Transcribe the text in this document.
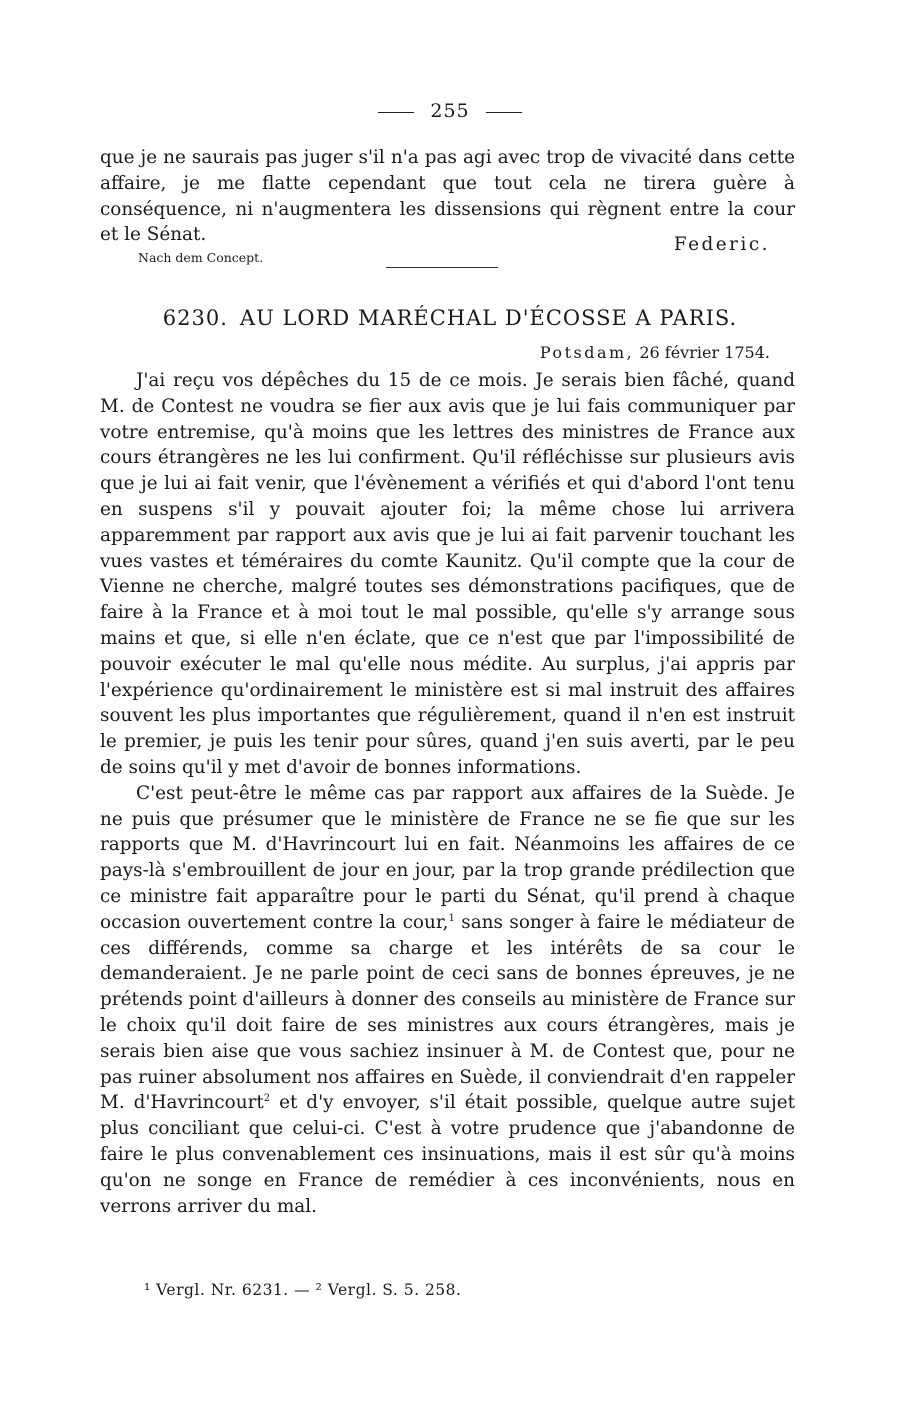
255

que je ne saurais pas juger s'il n'a pas agi avec trop de vivacité dans cette affaire, je me flatte cependant que tout cela ne tirera guère à conséquence, ni n'augmentera les dissensions qui règnent entre la cour et le Sénat.	Federic.
Nach dem Concept.
6230. AU LORD MARÉCHAL D'ÉCOSSE A PARIS.
Potsdam, 26 février 1754.

J'ai reçu vos dépêches du 15 de ce mois. Je serais bien fâché, quand M. de Contest ne voudra se fier aux avis que je lui fais communiquer par votre entremise, qu'à moins que les lettres des ministres de France aux cours étrangères ne les lui confirment. Qu'il réfléchisse sur plusieurs avis que je lui ai fait venir, que l'évènement a vérifiés et qui d'abord l'ont tenu en suspens s'il y pouvait ajouter foi; la même chose lui arrivera apparemment par rapport aux avis que je lui ai fait parvenir touchant les vues vastes et téméraires du comte Kaunitz. Qu'il compte que la cour de Vienne ne cherche, malgré toutes ses démonstrations pacifiques, que de faire à la France et à moi tout le mal possible, qu'elle s'y arrange sous mains et que, si elle n'en éclate, que ce n'est que par l'impossibilité de pouvoir exécuter le mal qu'elle nous médite. Au surplus, j'ai appris par l'expérience qu'ordinairement le ministère est si mal instruit des affaires souvent les plus importantes que régulièrement, quand il n'en est instruit le premier, je puis les tenir pour sûres, quand j'en suis averti, par le peu de soins qu'il y met d'avoir de bonnes informations.

C'est peut-être le même cas par rapport aux affaires de la Suède. Je ne puis que présumer que le ministère de France ne se fie que sur les rapports que M. d'Havrincourt lui en fait. Néanmoins les affaires de ce pays-là s'embrouillent de jour en jour, par la trop grande prédilection que ce ministre fait apparaître pour le parti du Sénat, qu'il prend à chaque occasion ouvertement contre la cour,$^1$ sans songer à faire le médiateur de ces différends, comme sa charge et les intérêts de sa cour le demanderaient. Je ne parle point de ceci sans de bonnes épreuves, je ne prétends point d'ailleurs à donner des conseils au ministère de France sur le choix qu'il doit faire de ses ministres aux cours étrangères, mais je serais bien aise que vous sachiez insinuer à M. de Contest que, pour ne pas ruiner absolument nos affaires en Suède, il conviendrait d'en rappeler M. d'Havrincourt$^2$ et d'y envoyer, s'il était possible, quelque autre sujet plus conciliant que celui-ci. C'est à votre prudence que j'abandonne de faire le plus convenablement ces insinuations, mais il est sûr qu'à moins qu'on ne songe en France de remédier à ces inconvénients, nous en verrons arriver du mal.

¹ Vergl. Nr. 6231. — ² Vergl. S. 5. 258.
